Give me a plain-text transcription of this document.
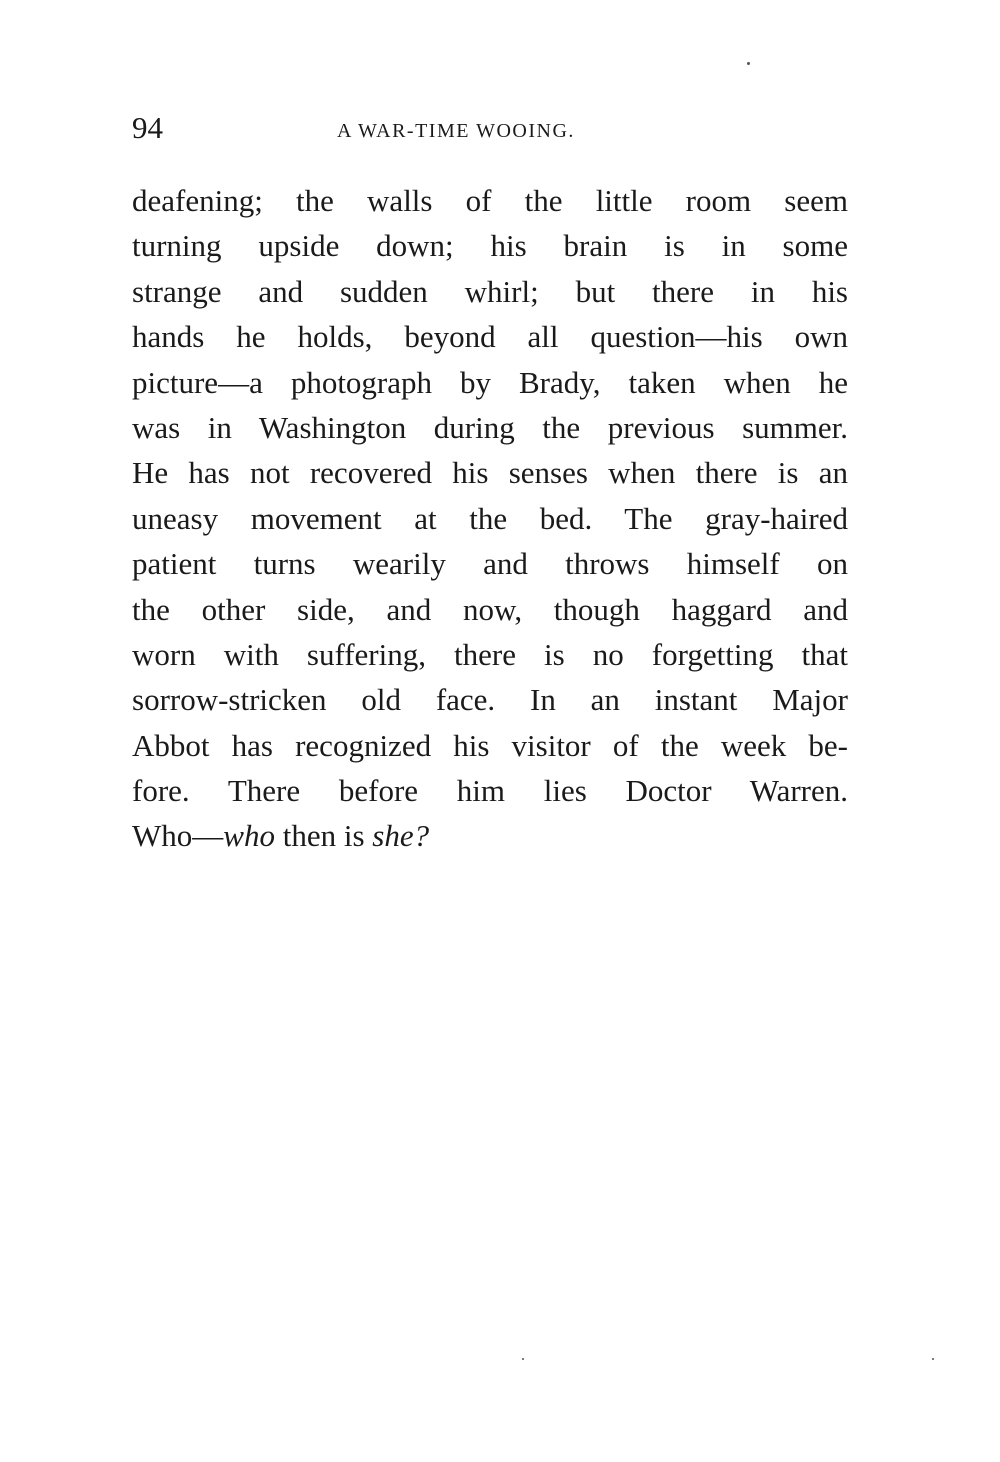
94	A WAR-TIME WOOING.
deafening; the walls of the little room seem
turning upside down; his brain is in some
strange and sudden whirl; but there in his
hands he holds, beyond all question—his own
picture—a photograph by Brady, taken when he
was in Washington during the previous summer.
He has not recovered his senses when there is an
uneasy movement at the bed. The gray-haired
patient turns wearily and throws himself on
the other side, and now, though haggard and
worn with suffering, there is no forgetting that
sorrow-stricken old face. In an instant Major
Abbot has recognized his visitor of the week be-
fore. There before him lies Doctor Warren.
Who—who then is she?
